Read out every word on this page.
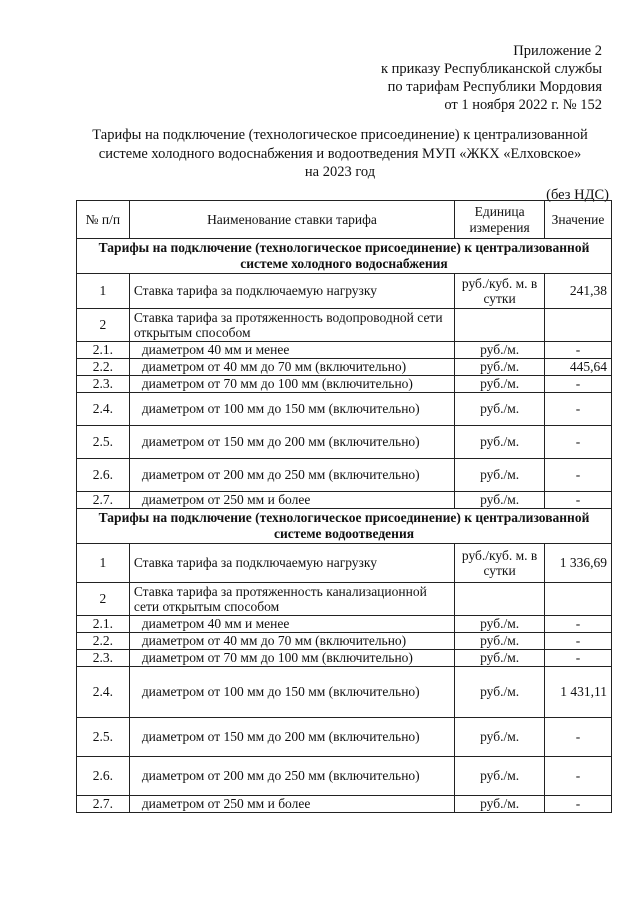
Приложение 2
к приказу Республиканской службы
по тарифам Республики Мордовия
от 1 ноября 2022 г. № 152
Тарифы на подключение (технологическое присоединение) к централизованной
системе холодного водоснабжения и водоотведения МУП «ЖКХ «Елховское»
на 2023 год
(без НДС)
№ п/п	Наименование ставки тарифа	Единица измерения	Значение
Тарифы на подключение (технологическое присоединение) к централизованной системе холодного водоснабжения			
1	Ставка тарифа за подключаемую нагрузку	руб./куб. м. в сутки	241,38
2	Ставка тарифа за протяженность водопроводной сети открытым способом		
2.1.	диаметром 40 мм и менее	руб./м.	-
2.2.	диаметром от 40 мм до 70 мм (включительно)	руб./м.	445,64
2.3.	диаметром от 70 мм до 100 мм (включительно)	руб./м.	-
2.4.	диаметром от 100 мм до 150 мм (включительно)	руб./м.	-
2.5.	диаметром от 150 мм до 200 мм (включительно)	руб./м.	-
2.6.	диаметром от 200 мм до 250 мм (включительно)	руб./м.	-
2.7.	диаметром от 250 мм и более	руб./м.	-
Тарифы на подключение (технологическое присоединение) к централизованной системе водоотведения			
1	Ставка тарифа за подключаемую нагрузку	руб./куб. м. в сутки	1 336,69
2	Ставка тарифа за протяженность канализационной сети открытым способом		
2.1.	диаметром 40 мм и менее	руб./м.	-
2.2.	диаметром от 40 мм до 70 мм (включительно)	руб./м.	-
2.3.	диаметром от 70 мм до 100 мм (включительно)	руб./м.	-
2.4.	диаметром от 100 мм до 150 мм (включительно)	руб./м.	1 431,11
2.5.	диаметром от 150 мм до 200 мм (включительно)	руб./м.	-
2.6.	диаметром от 200 мм до 250 мм (включительно)	руб./м.	-
2.7.	диаметром от 250 мм и более	руб./м.	-
